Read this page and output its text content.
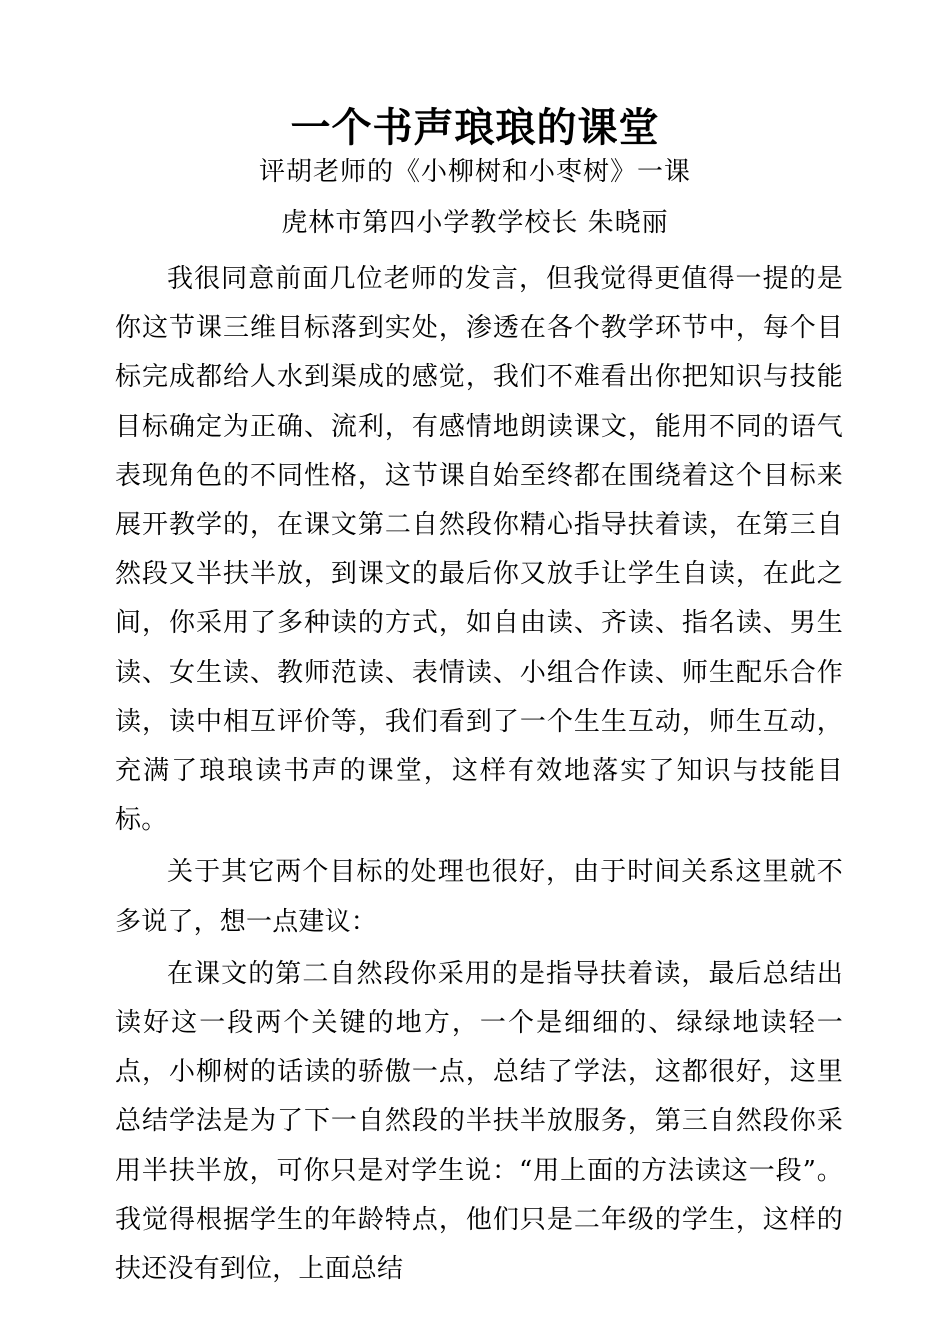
一个书声琅琅的课堂
评胡老师的《小柳树和小枣树》一课
虎林市第四小学教学校长 朱晓丽

我很同意前面几位老师的发言，但我觉得更值得一提的是你这节课三维目标落到实处，渗透在各个教学环节中，每个目标完成都给人水到渠成的感觉，我们不难看出你把知识与技能目标确定为正确、流利，有感情地朗读课文，能用不同的语气表现角色的不同性格，这节课自始至终都在围绕着这个目标来展开教学的，在课文第二自然段你精心指导扶着读，在第三自然段又半扶半放，到课文的最后你又放手让学生自读，在此之间，你采用了多种读的方式，如自由读、齐读、指名读、男生读、女生读、教师范读、表情读、小组合作读、师生配乐合作读，读中相互评价等，我们看到了一个生生互动，师生互动，充满了琅琅读书声的课堂，这样有效地落实了知识与技能目标。

关于其它两个目标的处理也很好，由于时间关系这里就不多说了，想一点建议：

在课文的第二自然段你采用的是指导扶着读，最后总结出读好这一段两个关键的地方，一个是细细的、绿绿地读轻一点，小柳树的话读的骄傲一点，总结了学法，这都很好，这里总结学法是为了下一自然段的半扶半放服务，第三自然段你采用半扶半放，可你只是对学生说：“用上面的方法读这一段”。我觉得根据学生的年龄特点，他们只是二年级的学生，这样的扶还没有到位，上面总结
